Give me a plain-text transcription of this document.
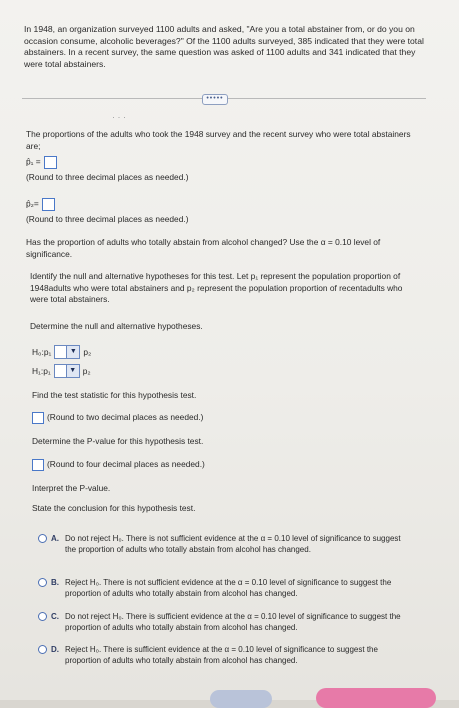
In 1948, an organization surveyed 1100 adults and asked, "Are you a total abstainer from, or do you on occasion consume, alcoholic beverages?" Of the 1100 adults surveyed, 385 indicated that they were total abstainers. In a recent survey, the same question was asked of 1100 adults and 341 indicated that they were total abstainers.
•••••
· · ·
The proportions of the adults who took the 1948 survey and the recent survey who were total abstainers are;
p̂₁ =
(Round to three decimal places as needed.)
p̂₂=
(Round to three decimal places as needed.)
Has the proportion of adults who totally abstain from alcohol changed? Use the α = 0.10 level of significance.
Identify the null and alternative hypotheses for this test. Let p₁ represent the population proportion of 1948adults who were total abstainers and p₂ represent the population proportion of recentadults who were total abstainers.
Determine the null and alternative hypotheses.
H₀:p₁	▼ p₂
H₁:p₁	▼ p₂
Find the test statistic for this hypothesis test.
(Round to two decimal places as needed.)
Determine the P-value for this hypothesis test.
(Round to four decimal places as needed.)
Interpret the P-value.
State the conclusion for this hypothesis test.
A. Do not reject H₀. There is not sufficient evidence at the α = 0.10 level of significance to suggest the proportion of adults who totally abstain from alcohol has changed.
B. Reject H₀. There is not sufficient evidence at the α = 0.10 level of significance to suggest the proportion of adults who totally abstain from alcohol has changed.
C. Do not reject H₀. There is sufficient evidence at the α = 0.10 level of significance to suggest the proportion of adults who totally abstain from alcohol has changed.
D. Reject H₀. There is sufficient evidence at the α = 0.10 level of significance to suggest the proportion of adults who totally abstain from alcohol has changed.
